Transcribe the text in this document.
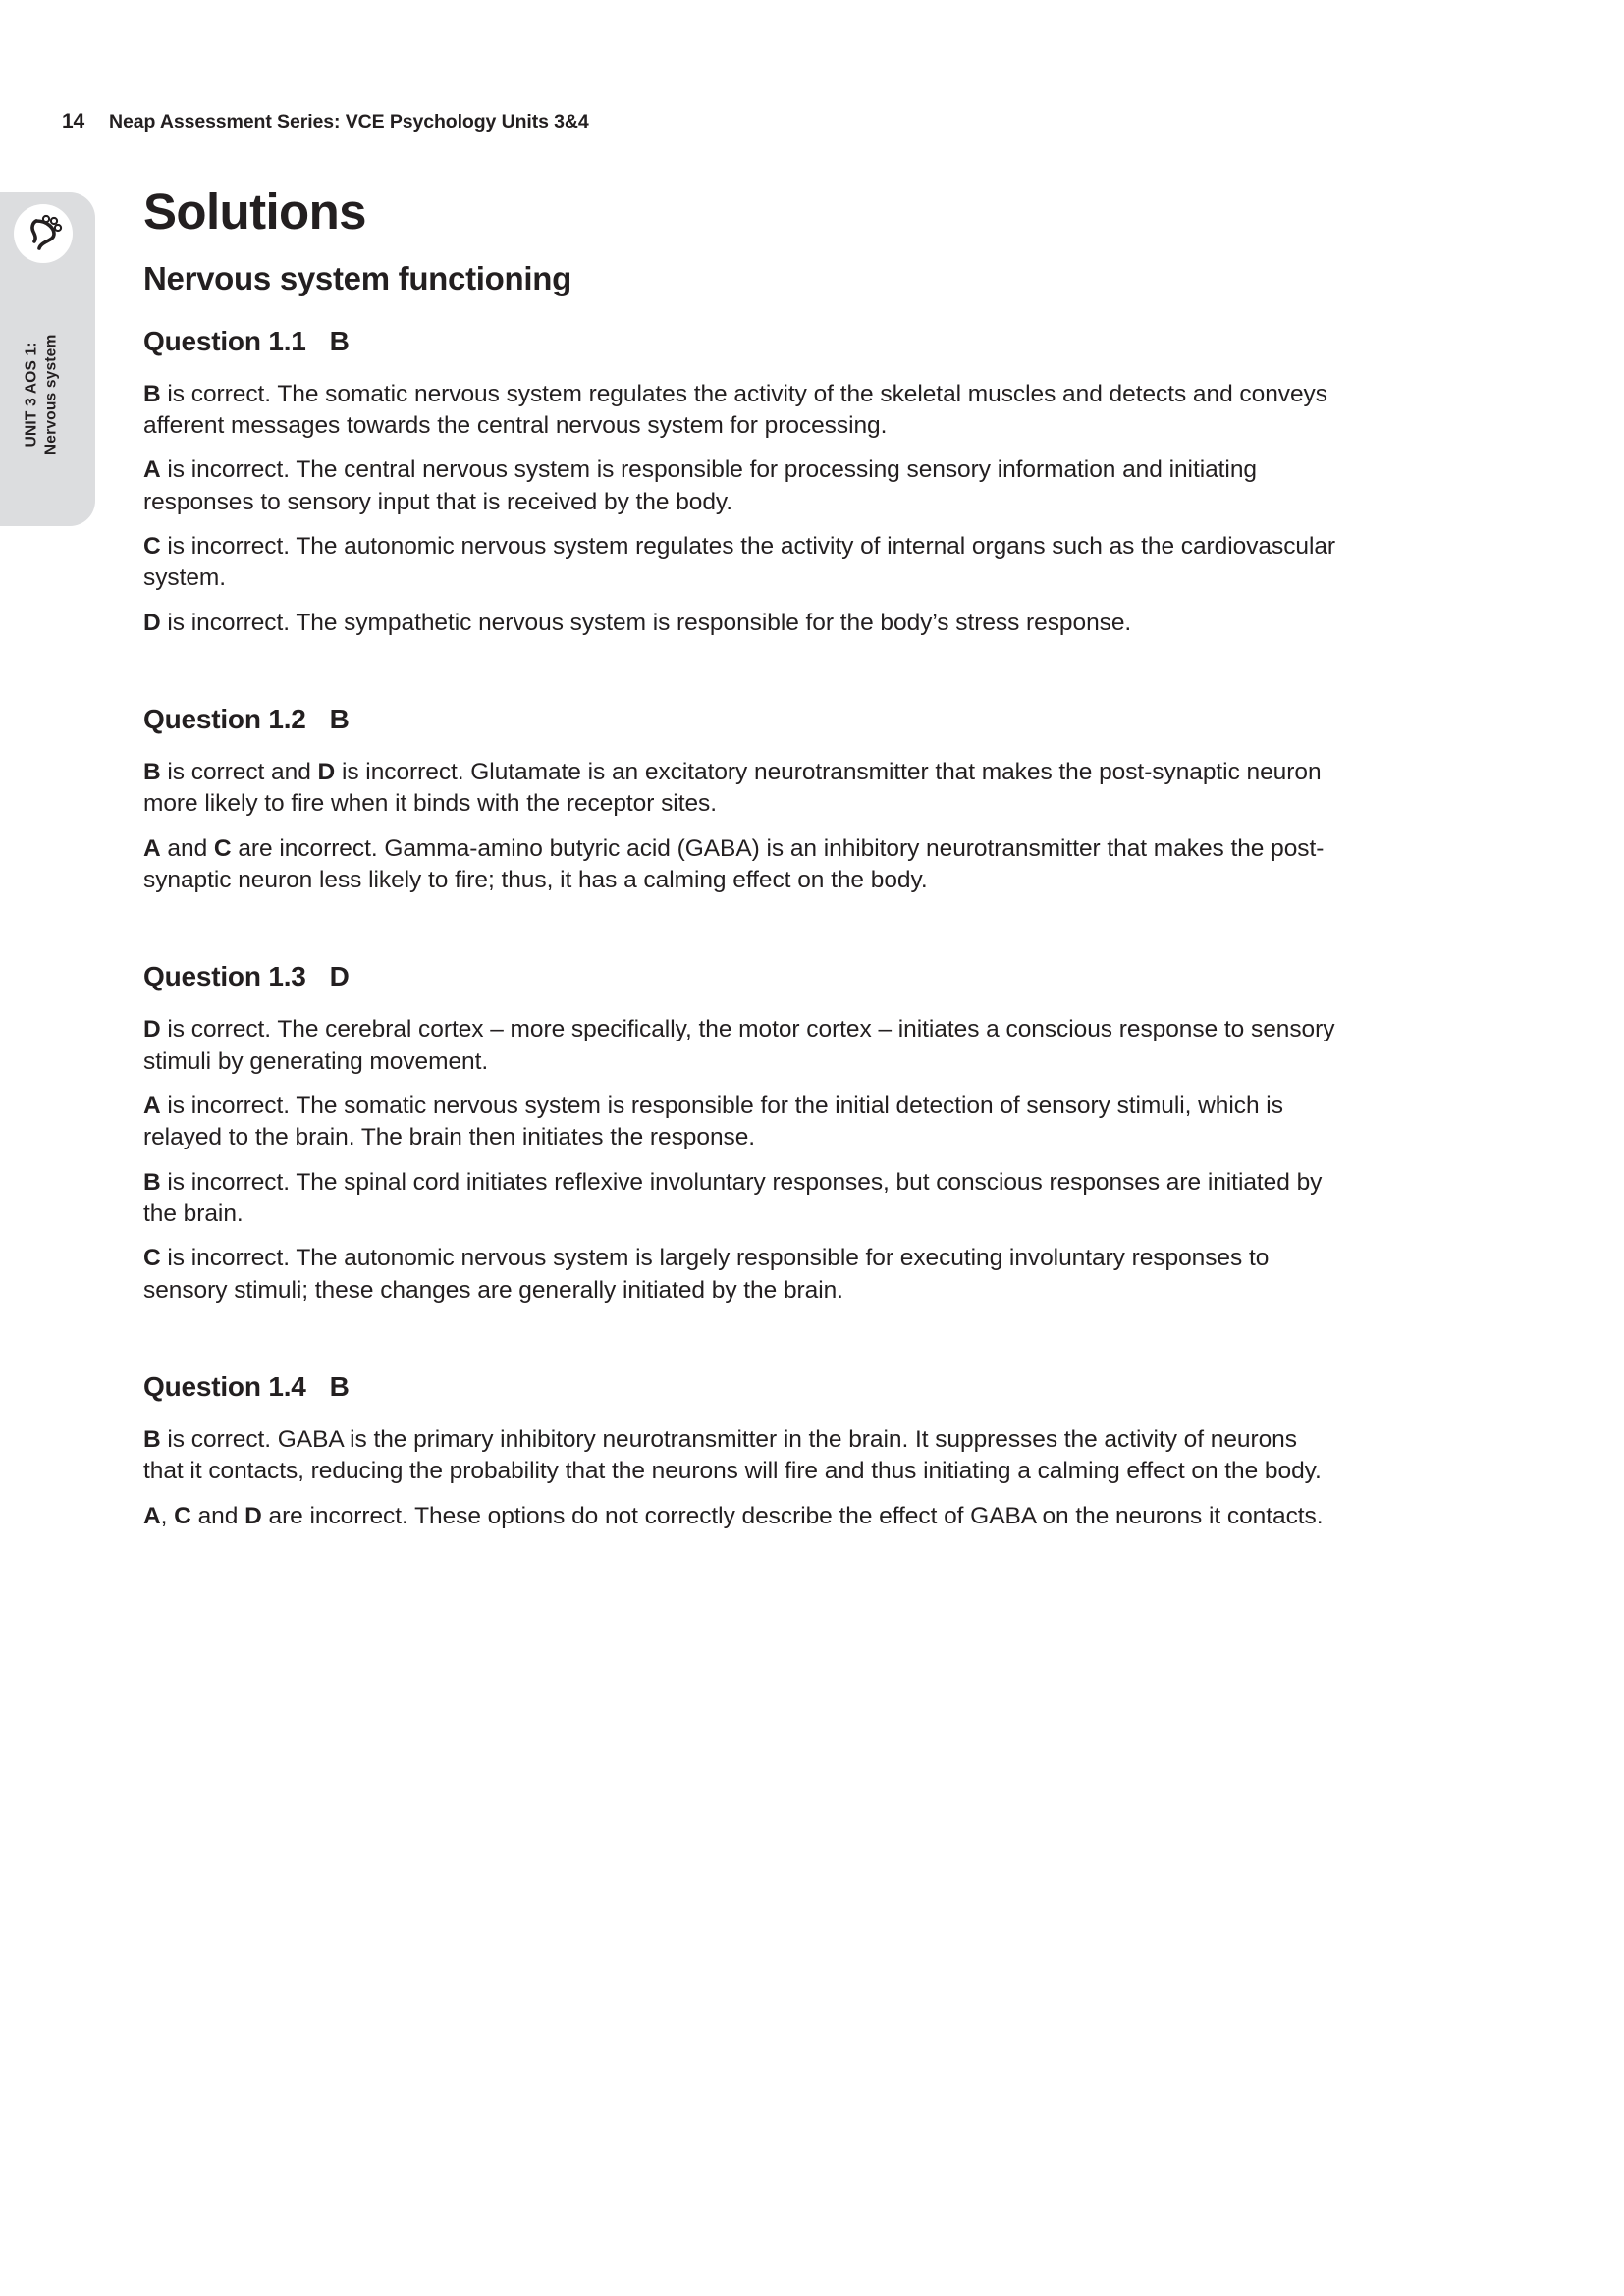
14 Neap Assessment Series: VCE Psychology Units 3&4
UNIT 3 AOS 1: Nervous system
Solutions
Nervous system functioning
Question 1.1 B

B is correct. The somatic nervous system regulates the activity of the skeletal muscles and detects and conveys afferent messages towards the central nervous system for processing.

A is incorrect. The central nervous system is responsible for processing sensory information and initiating responses to sensory input that is received by the body.

C is incorrect. The autonomic nervous system regulates the activity of internal organs such as the cardiovascular system.

D is incorrect. The sympathetic nervous system is responsible for the body’s stress response.

Question 1.2 B

B is correct and D is incorrect. Glutamate is an excitatory neurotransmitter that makes the post-synaptic neuron more likely to fire when it binds with the receptor sites.

A and C are incorrect. Gamma-amino butyric acid (GABA) is an inhibitory neurotransmitter that makes the post-synaptic neuron less likely to fire; thus, it has a calming effect on the body.

Question 1.3 D

D is correct. The cerebral cortex – more specifically, the motor cortex – initiates a conscious response to sensory stimuli by generating movement.

A is incorrect. The somatic nervous system is responsible for the initial detection of sensory stimuli, which is relayed to the brain. The brain then initiates the response.

B is incorrect. The spinal cord initiates reflexive involuntary responses, but conscious responses are initiated by the brain.

C is incorrect. The autonomic nervous system is largely responsible for executing involuntary responses to sensory stimuli; these changes are generally initiated by the brain.

Question 1.4 B

B is correct. GABA is the primary inhibitory neurotransmitter in the brain. It suppresses the activity of neurons that it contacts, reducing the probability that the neurons will fire and thus initiating a calming effect on the body.

A, C and D are incorrect. These options do not correctly describe the effect of GABA on the neurons it contacts.
